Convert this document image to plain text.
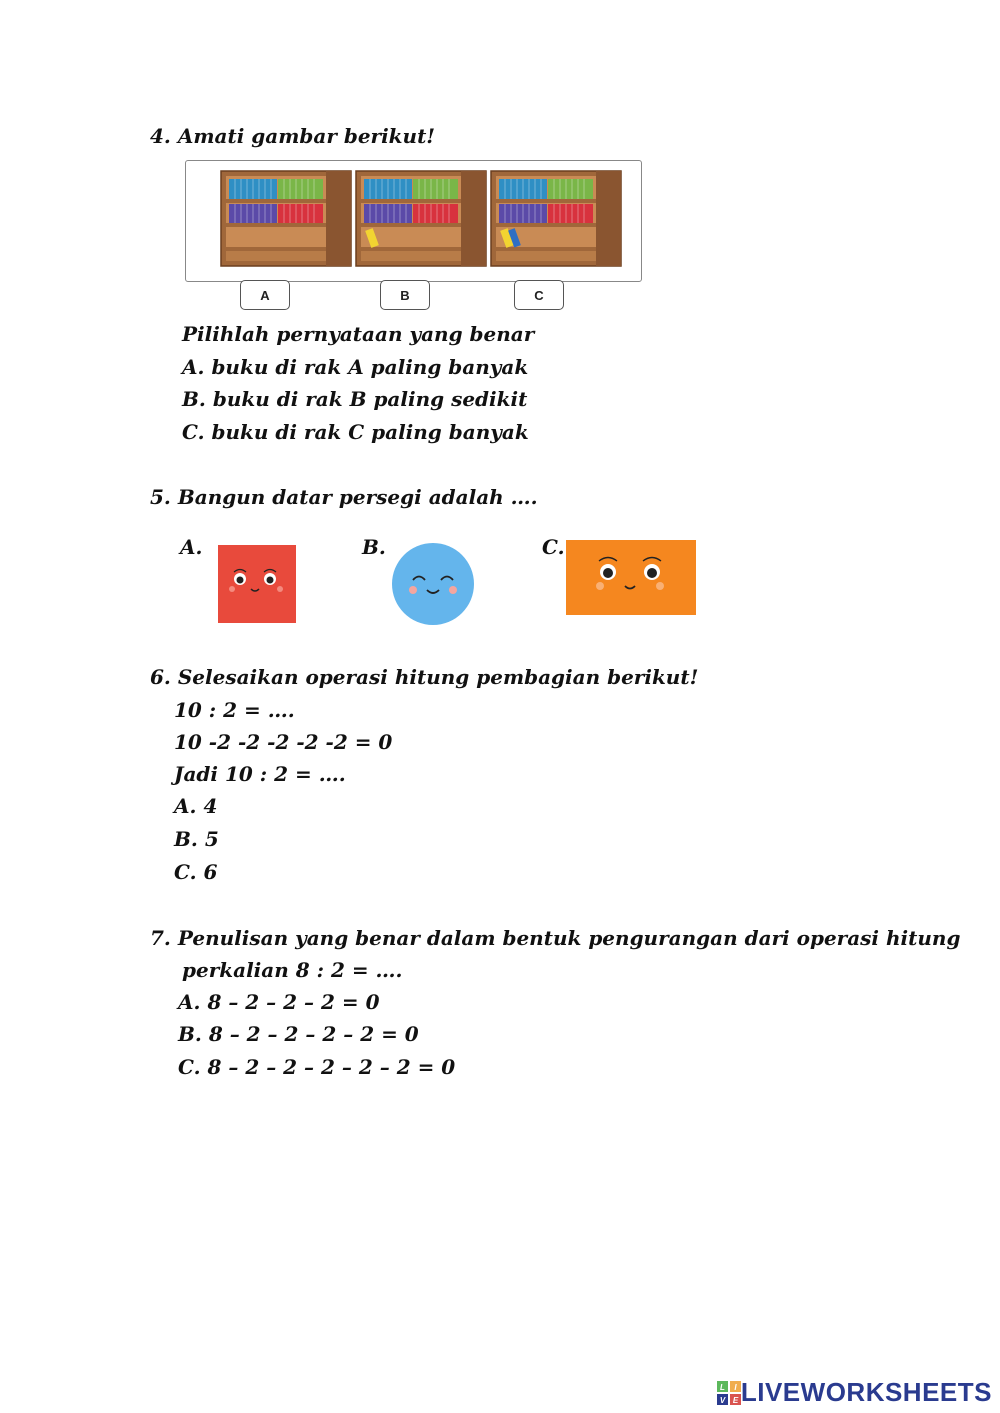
4. Amati gambar berikut!
A	B	C
Pilihlah pernyataan yang benar
A. buku di rak A paling banyak
B. buku di rak B paling sedikit
C. buku di rak C paling banyak
5. Bangun datar persegi adalah ….
A.	B.	C.
6. Selesaikan operasi hitung pembagian berikut!
10 : 2 = ….
10 -2 -2 -2 -2 -2 = 0
Jadi 10 : 2 = ….
A. 4
B. 5
C. 6
7. Penulisan yang benar dalam bentuk pengurangan dari operasi hitung
perkalian 8 : 2 = ….
A. 8 – 2 – 2 – 2 = 0
B. 8 – 2 – 2 – 2 – 2 = 0
C. 8 – 2 – 2 – 2 – 2 – 2 = 0
L I
V E LIVEWORKSHEETS
